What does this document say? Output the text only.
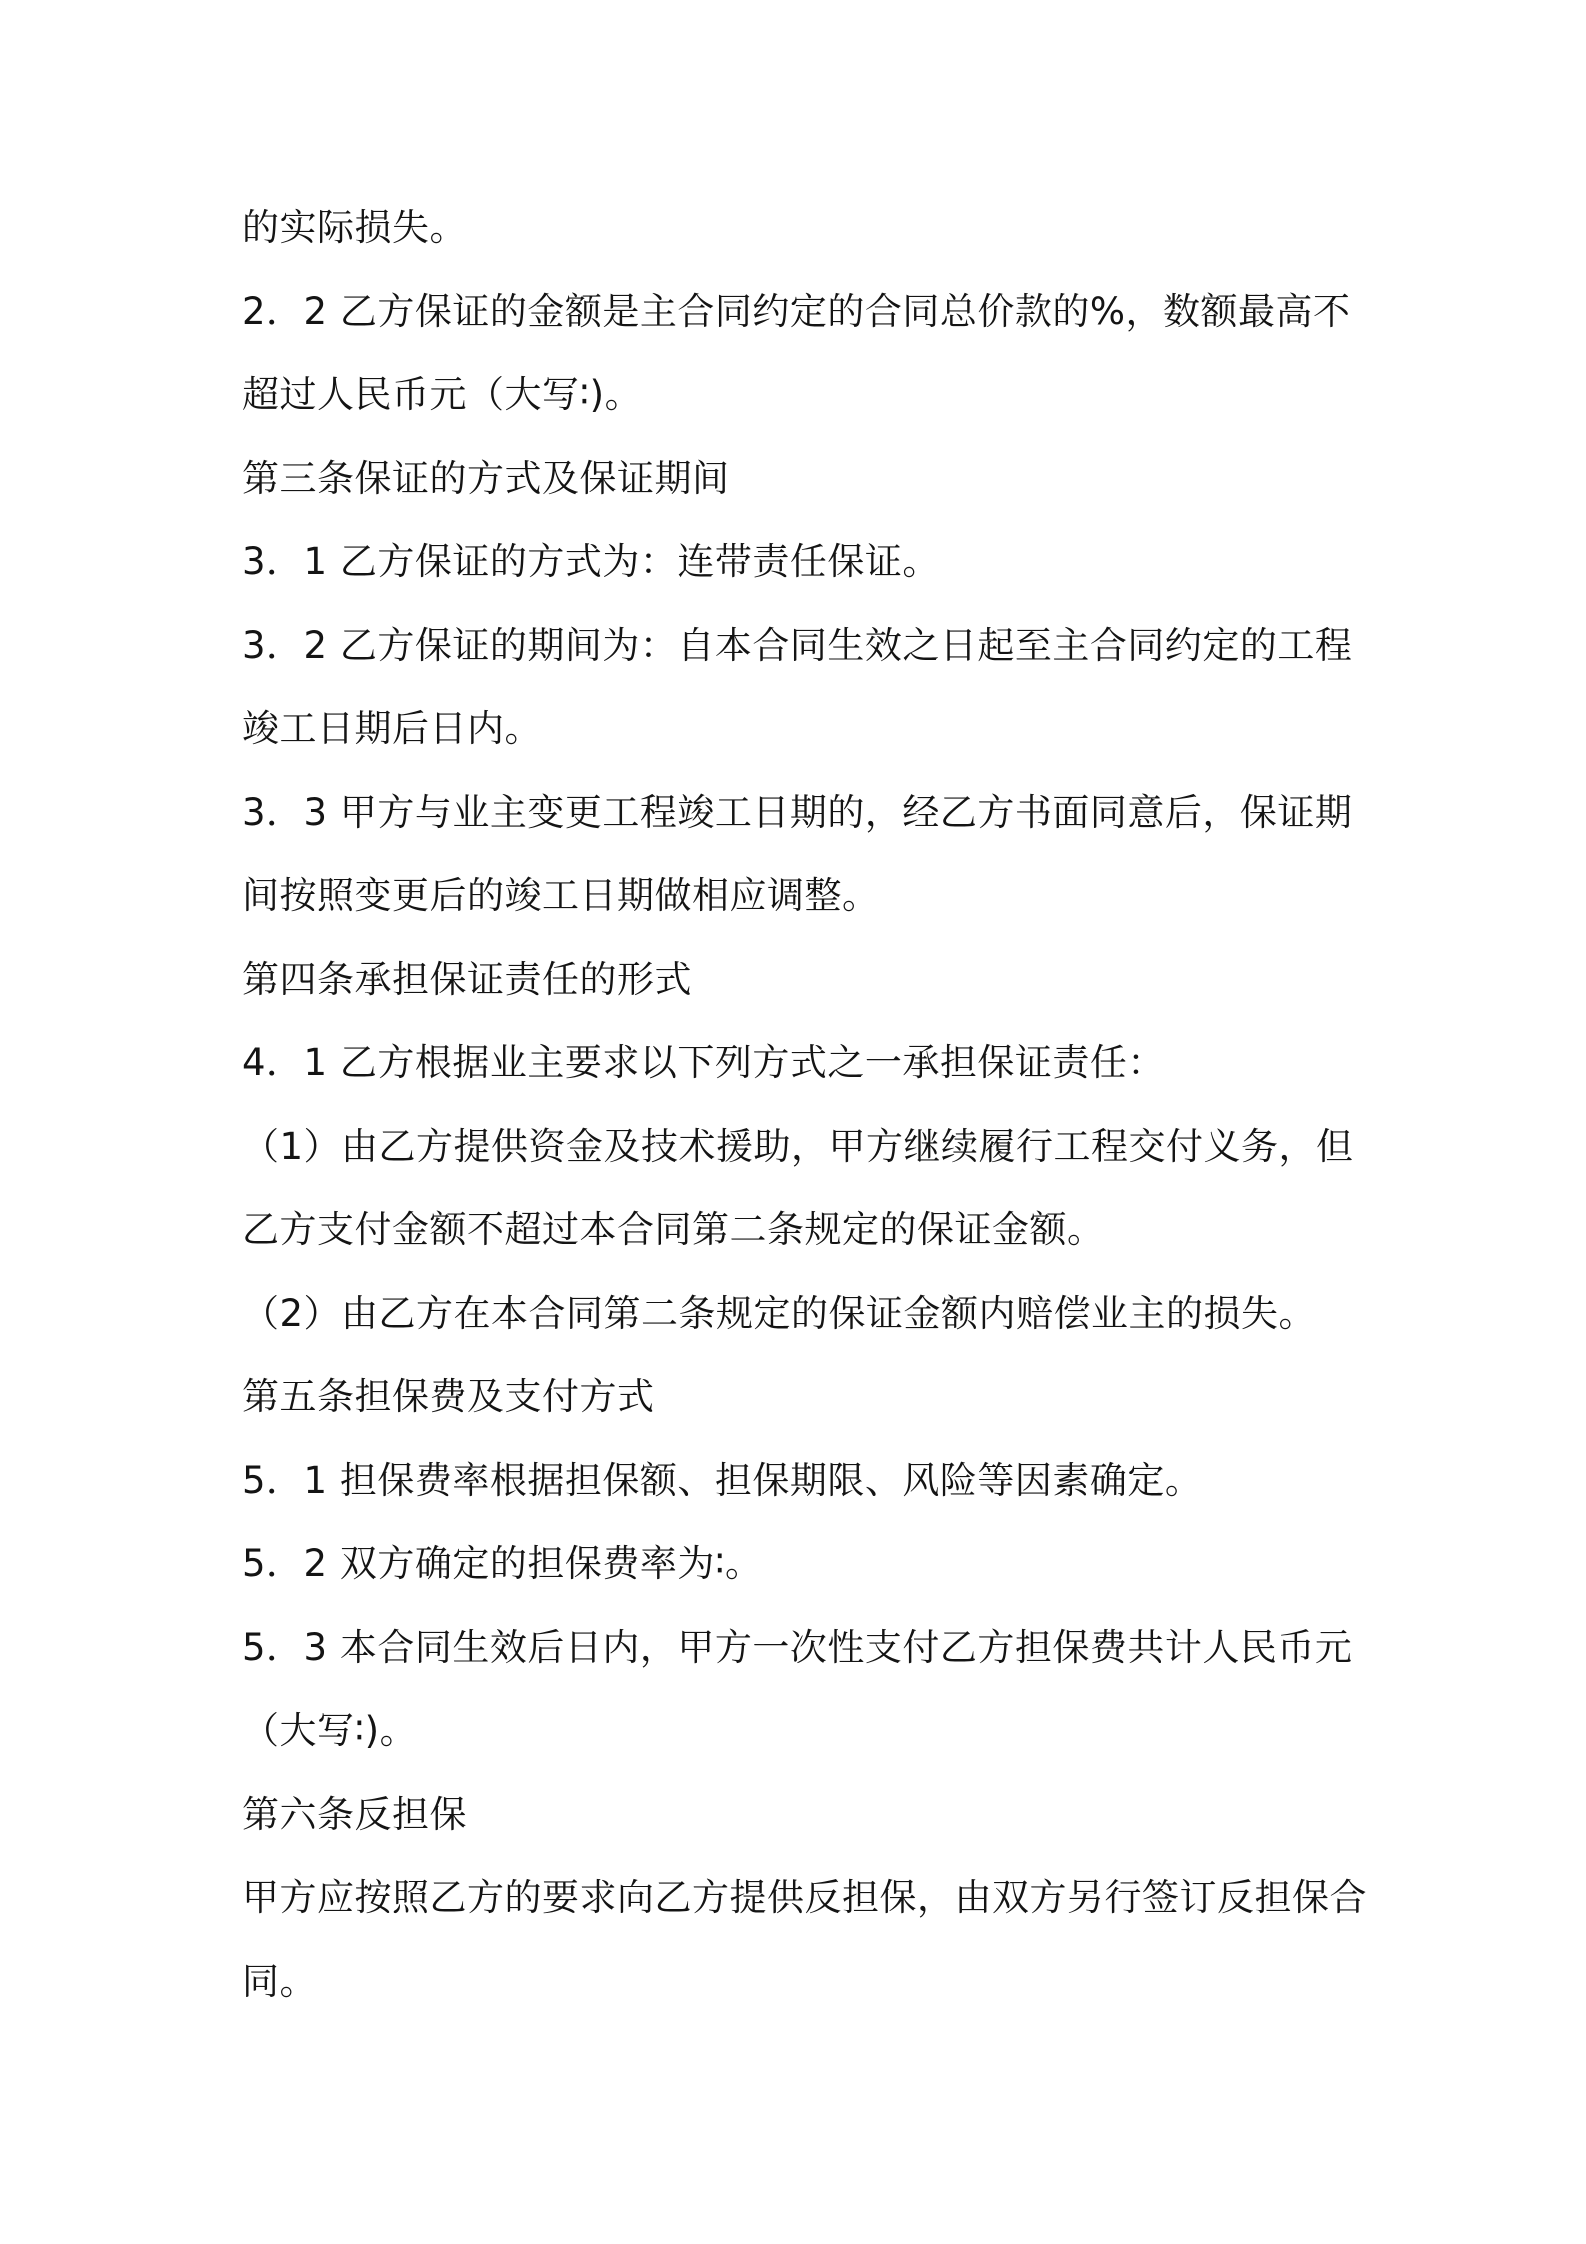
的实际损失。
2．2 乙方保证的金额是主合同约定的合同总价款的%，数额最高不
超过人民币元（大写∶)。
第三条保证的方式及保证期间
3．1 乙方保证的方式为：连带责任保证。
3．2 乙方保证的期间为：自本合同生效之日起至主合同约定的工程
竣工日期后日内。
3．3 甲方与业主变更工程竣工日期的，经乙方书面同意后，保证期
间按照变更后的竣工日期做相应调整。
第四条承担保证责任的形式
4．1 乙方根据业主要求以下列方式之一承担保证责任：
（1）由乙方提供资金及技术援助，甲方继续履行工程交付义务，但
乙方支付金额不超过本合同第二条规定的保证金额。
（2）由乙方在本合同第二条规定的保证金额内赔偿业主的损失。
第五条担保费及支付方式
5．1 担保费率根据担保额、担保期限、风险等因素确定。
5．2 双方确定的担保费率为∶。
5．3 本合同生效后日内，甲方一次性支付乙方担保费共计人民币元
（大写∶)。
第六条反担保
甲方应按照乙方的要求向乙方提供反担保，由双方另行签订反担保合
同。
